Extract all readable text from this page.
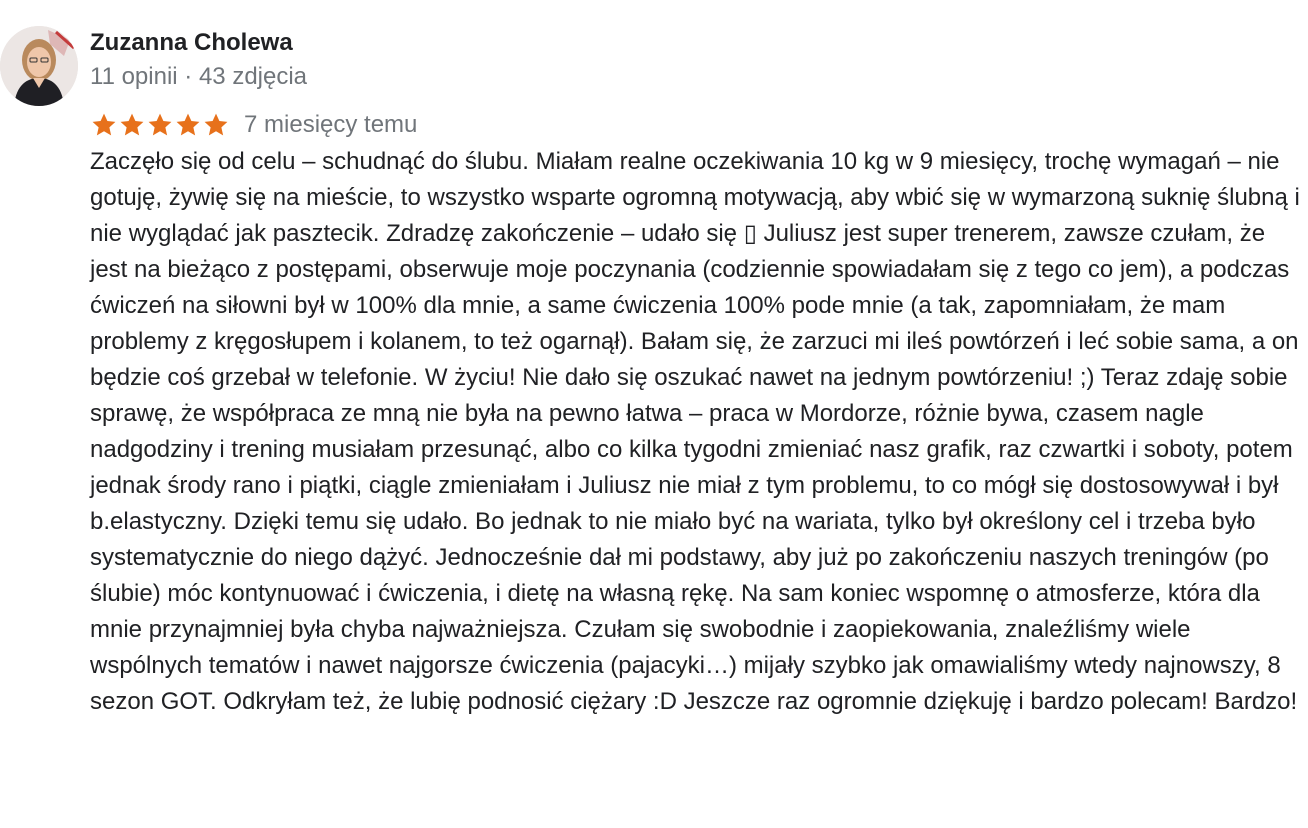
Zuzanna Cholewa
11 opinii · 43 zdjęcia
7 miesięcy temu

Zaczęło się od celu – schudnąć do ślubu. Miałam realne oczekiwania 10 kg w 9 miesięcy, trochę wymagań – nie gotuję, żywię się na mieście, to wszystko wsparte ogromną motywacją, aby wbić się w wymarzoną suknię ślubną i nie wyglądać jak pasztecik. Zdradzę zakończenie – udało się ▯ Juliusz jest super trenerem, zawsze czułam, że jest na bieżąco z postępami, obserwuje moje poczynania (codziennie spowiadałam się z tego co jem), a podczas ćwiczeń na siłowni był w 100% dla mnie, a same ćwiczenia 100% pode mnie (a tak, zapomniałam, że mam problemy z kręgosłupem i kolanem, to też ogarnął). Bałam się, że zarzuci mi ileś powtórzeń i leć sobie sama, a on będzie coś grzebał w telefonie. W życiu! Nie dało się oszukać nawet na jednym powtórzeniu! ;) Teraz zdaję sobie sprawę, że współpraca ze mną nie była na pewno łatwa – praca w Mordorze, różnie bywa, czasem nagle nadgodziny i trening musiałam przesunąć, albo co kilka tygodni zmieniać nasz grafik, raz czwartki i soboty, potem jednak środy rano i piątki, ciągle zmieniałam i Juliusz nie miał z tym problemu, to co mógł się dostosowywał i był b.elastyczny. Dzięki temu się udało. Bo jednak to nie miało być na wariata, tylko był określony cel i trzeba było systematycznie do niego dążyć. Jednocześnie dał mi podstawy, aby już po zakończeniu naszych treningów (po ślubie) móc kontynuować i ćwiczenia, i dietę na własną rękę. Na sam koniec wspomnę o atmosferze, która dla mnie przynajmniej była chyba najważniejsza. Czułam się swobodnie i zaopiekowania, znaleźliśmy wiele wspólnych tematów i nawet najgorsze ćwiczenia (pajacyki…) mijały szybko jak omawialiśmy wtedy najnowszy, 8 sezon GOT. Odkryłam też, że lubię podnosić ciężary :D Jeszcze raz ogromnie dziękuję i bardzo polecam! Bardzo!
